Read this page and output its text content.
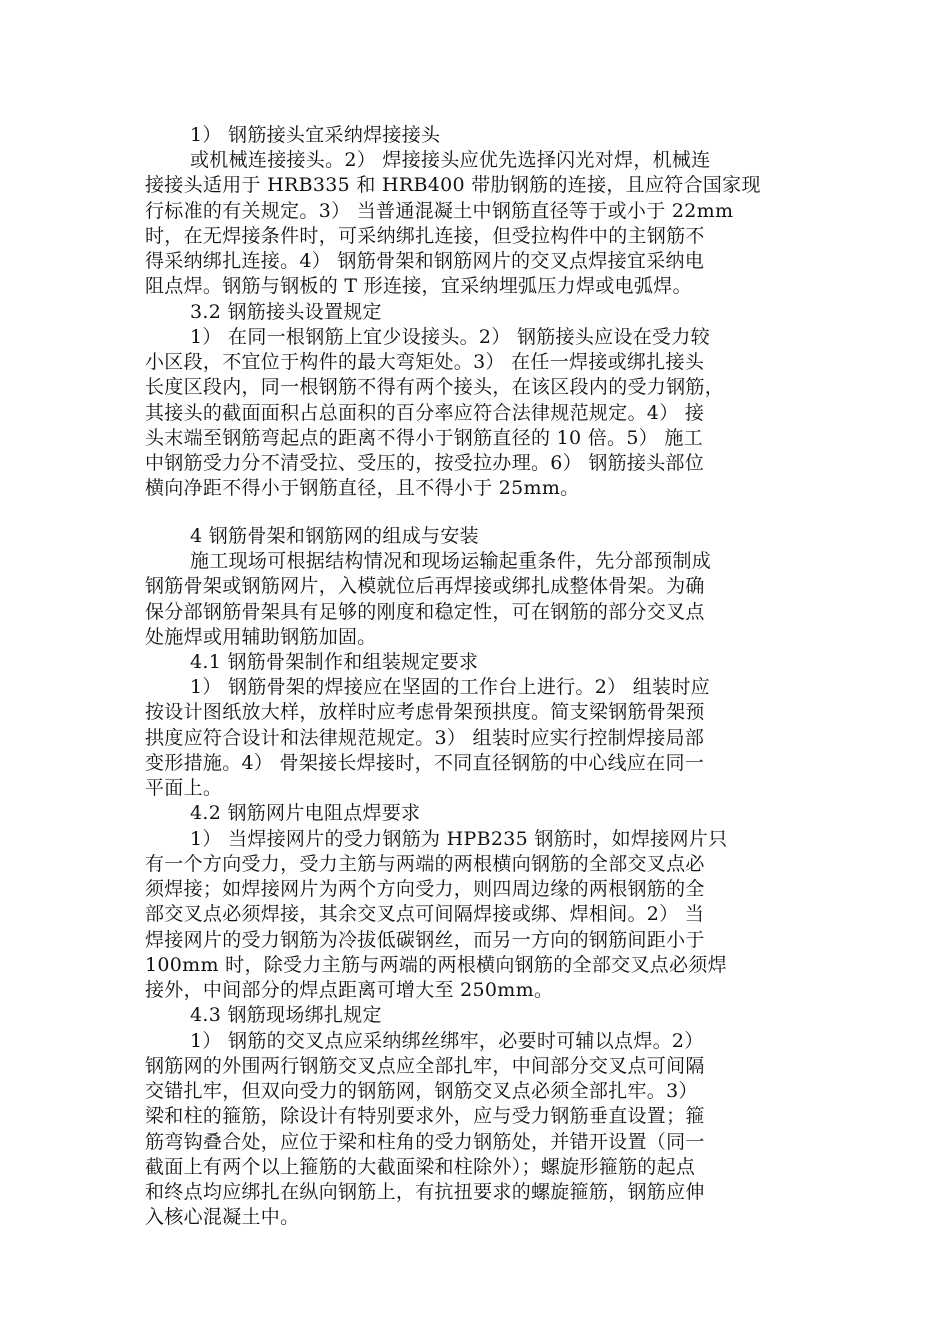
1） 钢筋接头宜采纳焊接接头

或机械连接接头。2） 焊接接头应优先选择闪光对焊，机械连

接接头适用于 HRB335 和 HRB400 带肋钢筋的连接，且应符合国家现

行标准的有关规定。3） 当普通混凝土中钢筋直径等于或小于 22mm

时，在无焊接条件时，可采纳绑扎连接，但受拉构件中的主钢筋不

得采纳绑扎连接。4） 钢筋骨架和钢筋网片的交叉点焊接宜采纳电

阻点焊。钢筋与钢板的 T 形连接，宜采纳埋弧压力焊或电弧焊。

3.2 钢筋接头设置规定

1） 在同一根钢筋上宜少设接头。2） 钢筋接头应设在受力较

小区段，不宜位于构件的最大弯矩处。3） 在任一焊接或绑扎接头

长度区段内，同一根钢筋不得有两个接头，在该区段内的受力钢筋，

其接头的截面面积占总面积的百分率应符合法律规范规定。4） 接

头末端至钢筋弯起点的距离不得小于钢筋直径的 10 倍。5） 施工

中钢筋受力分不清受拉、受压的，按受拉办理。6） 钢筋接头部位

横向净距不得小于钢筋直径，且不得小于 25mm。

4 钢筋骨架和钢筋网的组成与安装

施工现场可根据结构情况和现场运输起重条件，先分部预制成

钢筋骨架或钢筋网片，入模就位后再焊接或绑扎成整体骨架。为确

保分部钢筋骨架具有足够的刚度和稳定性，可在钢筋的部分交叉点

处施焊或用辅助钢筋加固。

4.1 钢筋骨架制作和组装规定要求

1） 钢筋骨架的焊接应在坚固的工作台上进行。2） 组装时应

按设计图纸放大样，放样时应考虑骨架预拱度。简支梁钢筋骨架预

拱度应符合设计和法律规范规定。3） 组装时应实行控制焊接局部

变形措施。4） 骨架接长焊接时，不同直径钢筋的中心线应在同一

平面上。

4.2 钢筋网片电阻点焊要求

1） 当焊接网片的受力钢筋为 HPB235 钢筋时，如焊接网片只

有一个方向受力，受力主筋与两端的两根横向钢筋的全部交叉点必

须焊接；如焊接网片为两个方向受力，则四周边缘的两根钢筋的全

部交叉点必须焊接，其余交叉点可间隔焊接或绑、焊相间。2） 当

焊接网片的受力钢筋为冷拔低碳钢丝，而另一方向的钢筋间距小于

100mm 时，除受力主筋与两端的两根横向钢筋的全部交叉点必须焊

接外，中间部分的焊点距离可增大至 250mm。

4.3 钢筋现场绑扎规定

1） 钢筋的交叉点应采纳绑丝绑牢，必要时可辅以点焊。2）

钢筋网的外围两行钢筋交叉点应全部扎牢，中间部分交叉点可间隔

交错扎牢，但双向受力的钢筋网，钢筋交叉点必须全部扎牢。3）

梁和柱的箍筋，除设计有特别要求外，应与受力钢筋垂直设置；箍

筋弯钩叠合处，应位于梁和柱角的受力钢筋处，并错开设置（同一

截面上有两个以上箍筋的大截面梁和柱除外）；螺旋形箍筋的起点

和终点均应绑扎在纵向钢筋上，有抗扭要求的螺旋箍筋，钢筋应伸

入核心混凝土中。
